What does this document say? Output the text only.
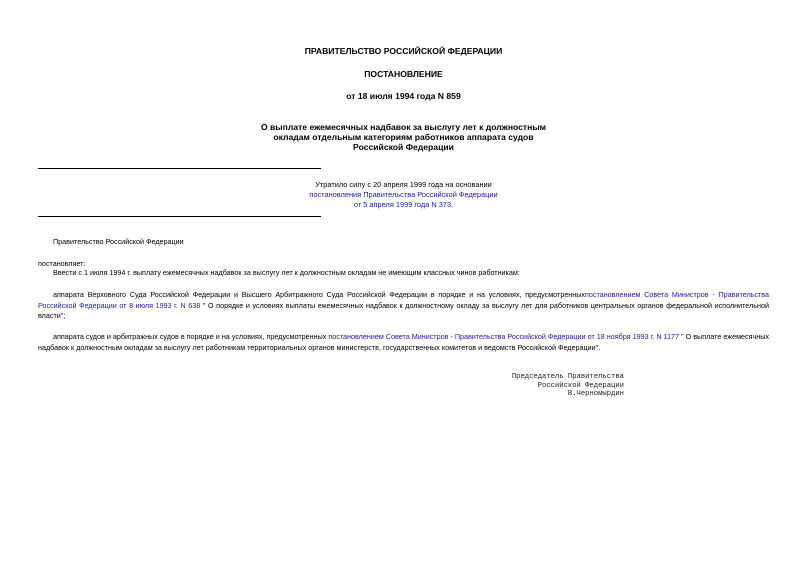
ПРАВИТЕЛЬСТВО РОССИЙСКОЙ ФЕДЕРАЦИИ
ПОСТАНОВЛЕНИЕ
от 18 июля 1994 года N 859
О выплате ежемесячных надбавок за выслугу лет к должностным
окладам отдельным категориям работников аппарата судов
Российской Федерации
Утратило силу с 20 апреля 1999 года на основании
постановления Правительства Российской Федерации
от 5 апреля 1999 года N 373.
Правительство Российской Федерации
постановляет:
Ввести с 1 июля 1994 г. выплату ежемесячных надбавок за выслугу лет к должностным окладам не имеющим классных чинов работникам:
аппарата Верховного Суда Российской Федерации и Высшего Арбитражного Суда Российской Федерации в порядке и на условиях, предусмотренныхпостановлением Совета Министров - Правительства Российской Федерации от 8 июля 1993 г. N 638 " О порядке и условиях выплаты ежемесячных надбавок к должностному окладу за выслугу лет для работников центральных органов федеральной исполнительной власти";
аппарата судов и арбитражных судов в порядке и на условиях, предусмотренных постановлением Совета Министров - Правительства Российской Федерации от 18 ноября 1993 г. N 1177 " О выплате ежемесячных надбавок к должностным окладам за выслугу лет работникам территориальных органов министерств, государственных комитетов и ведомств Российской Федерации".
Председатель Правительства
Российской Федерации
В.Черномырдин
